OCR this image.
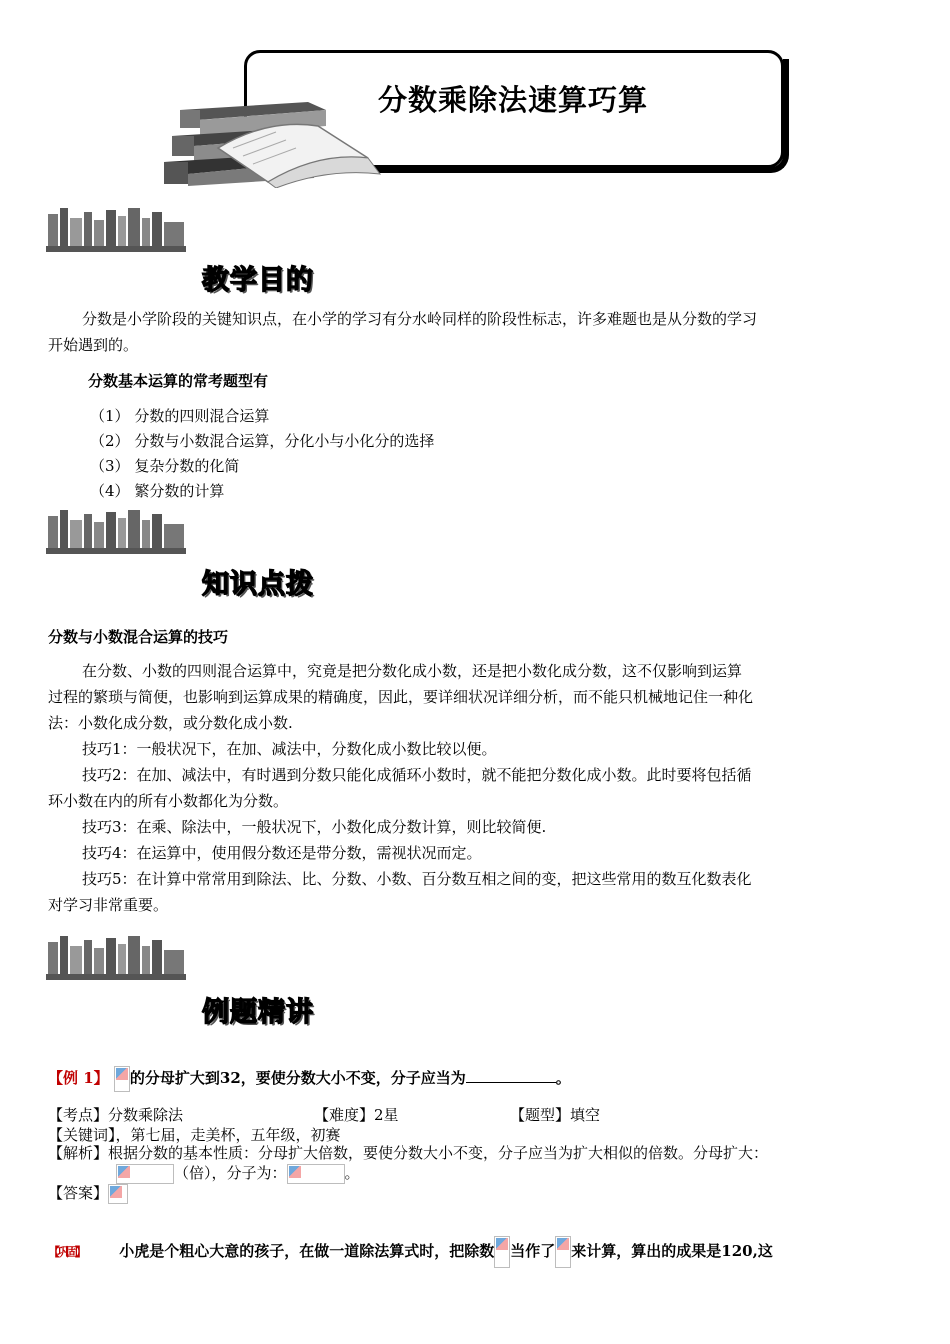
分数乘除法速算巧算
教学目的
分数是小学阶段的关键知识点，在小学的学习有分水岭同样的阶段性标志，许多难题也是从分数的学习
开始遇到的。
分数基本运算的常考题型有
（1） 分数的四则混合运算
（2） 分数与小数混合运算，分化小与小化分的选择
（3） 复杂分数的化简
（4） 繁分数的计算
知识点拨
分数与小数混合运算的技巧
在分数、小数的四则混合运算中，究竟是把分数化成小数，还是把小数化成分数，这不仅影响到运算
过程的繁琐与简便，也影响到运算成果的精确度，因此，要详细状况详细分析，而不能只机械地记住一种化
法：小数化成分数，或分数化成小数.
技巧1：一般状况下，在加、减法中，分数化成小数比较以便。
技巧2：在加、减法中，有时遇到分数只能化成循环小数时，就不能把分数化成小数。此时要将包括循
环小数在内的所有小数都化为分数。
技巧3：在乘、除法中，一般状况下，小数化成分数计算，则比较简便.
技巧4：在运算中，使用假分数还是带分数，需视状况而定。
技巧5：在计算中常常用到除法、比、分数、小数、百分数互相之间的变，把这些常用的数互化数表化
对学习非常重要。
例题精讲
【例 1】 的分母扩大到32，要使分数大小不变，分子应当为	。
【考点】分数乘除法	【难度】2星	【题型】填空
【关键词】，第七届，走美杯，五年级，初赛
【解析】根据分数的基本性质：分母扩大倍数，要使分数大小不变，分子应当为扩大相似的倍数。分母扩大：
（倍），分子为：	。
【答案】
【巩固】 小虎是个粗心大意的孩子，在做一道除法算式时，把除数 当作了 来计算，算出的成果是120,这
